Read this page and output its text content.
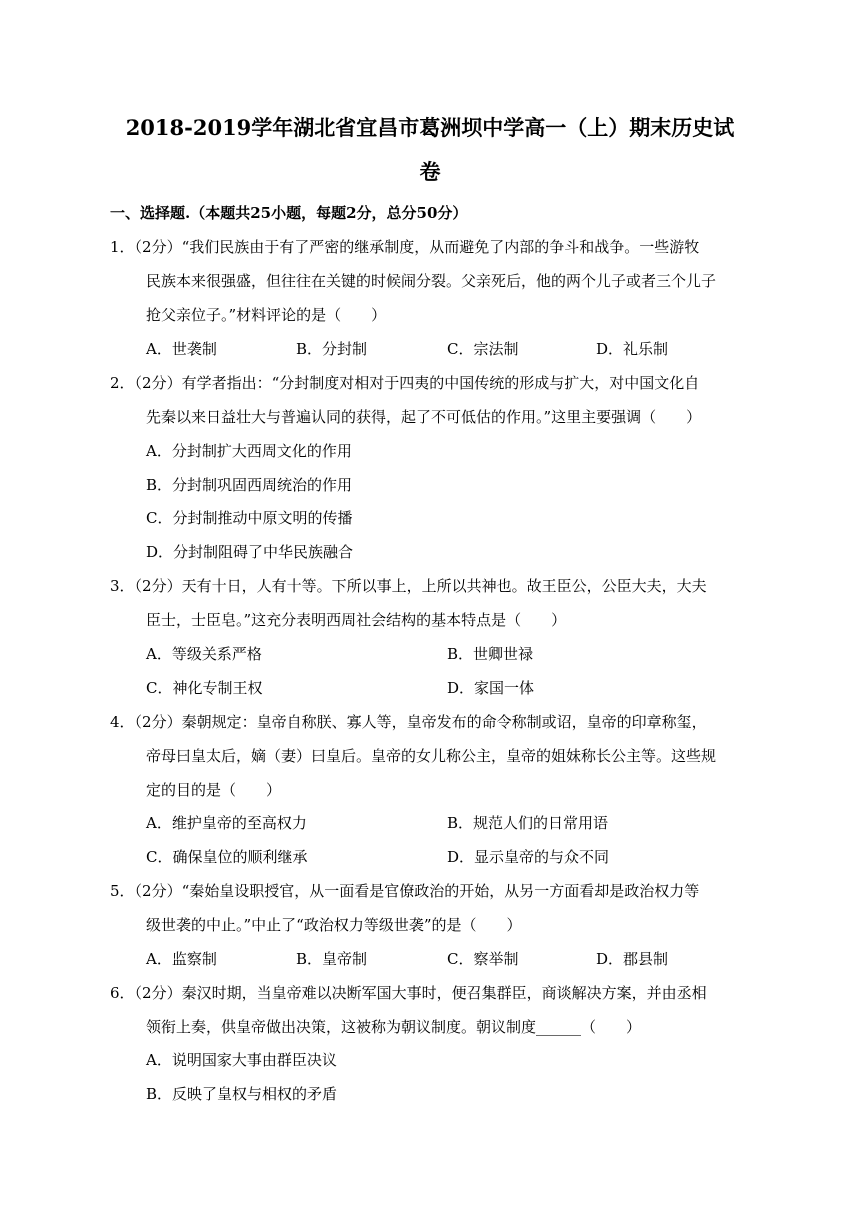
2018-2019学年湖北省宜昌市葛洲坝中学高一（上）期末历史试
卷
一、选择题.（本题共25小题，每题2分，总分50分）
1．（2分）“我们民族由于有了严密的继承制度，从而避免了内部的争斗和战争。一些游牧
民族本来很强盛，但往往在关键的时候闹分裂。父亲死后，他的两个儿子或者三个儿子
抢父亲位子。”材料评论的是（　　）
A．世袭制	B．分封制	C．宗法制	D．礼乐制
2．（2分）有学者指出：“分封制度对相对于四夷的中国传统的形成与扩大，对中国文化自
先秦以来日益壮大与普遍认同的获得，起了不可低估的作用。”这里主要强调（　　）
A．分封制扩大西周文化的作用
B．分封制巩固西周统治的作用
C．分封制推动中原文明的传播
D．分封制阻碍了中华民族融合
3．（2分）天有十日，人有十等。下所以事上，上所以共神也。故王臣公，公臣大夫，大夫
臣士，士臣皂。”这充分表明西周社会结构的基本特点是（　　）
A．等级关系严格	B．世卿世禄
C．神化专制王权	D．家国一体
4．（2分）秦朝规定：皇帝自称朕、寡人等，皇帝发布的命令称制或诏，皇帝的印章称玺，
帝母曰皇太后，嫡（妻）曰皇后。皇帝的女儿称公主，皇帝的姐妹称长公主等。这些规
定的目的是（　　）
A．维护皇帝的至高权力	B．规范人们的日常用语
C．确保皇位的顺利继承	D．显示皇帝的与众不同
5．（2分）“秦始皇设职授官，从一面看是官僚政治的开始，从另一方面看却是政治权力等
级世袭的中止。”中止了“政治权力等级世袭”的是（　　）
A．监察制	B．皇帝制	C．察举制	D．郡县制
6．（2分）秦汉时期，当皇帝难以决断军国大事时，便召集群臣，商谈解决方案，并由丞相
领衔上奏，供皇帝做出决策，这被称为朝议制度。朝议制度______（　　）
A．说明国家大事由群臣决议
B．反映了皇权与相权的矛盾
